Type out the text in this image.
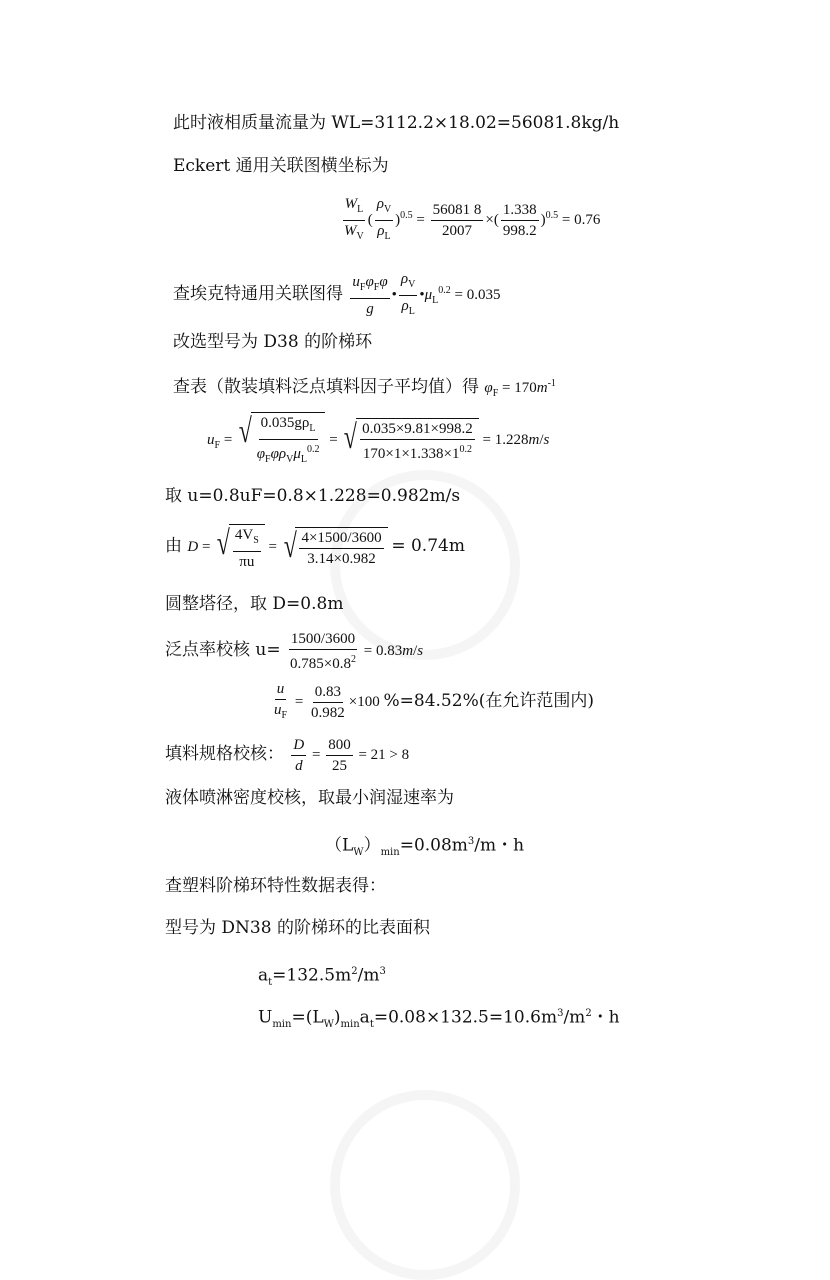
此时液相质量流量为 WL=3112.2×18.02=56081.8kg/h
Eckert 通用关联图横坐标为
$\frac{W_L}{W_V}$ ( $\frac{\rho_V}{\rho_L} )^{0.5} = \frac{56081 8}{2007}$ ×( $\frac{1.338}{998.2} )^{0.5} = 0.76$
查埃克特通用关联图得 $\frac{u_F\varphi_F\varphi}{g}$ • $\frac{\rho_V}{\rho_L}$ $•\mu_L^{0.2} = 0.035$
改选型号为 D38 的阶梯环
查表（散装填料泛点填料因子平均值）得 $\varphi_F = 170m^{-1}$
$u_F$ = √ $\frac{0.035g\rho_L}{\varphi_F\varphi\rho_V\mu_L^{0.2}}$ = √ $\frac{0.035\times 9.81\times 998.2}{170\times 1\times 1.338\times 1^{0.2}} = 1.228m/s$
取 u=0.8uF=0.8×1.228=0.982m/s
由 D = √ $\frac{4V_S}{\pi u}$ = √ $\frac{4\times 1500/3600}{3.14\times 0.982} = 0.74m$
圆整塔径，取 D=0.8m
泛点率校核 $u= \frac{1500/3600}{0.785\times 0.8^2} = 0.83m/s$
$\frac{u}{u_F} = \frac{0.83}{0.982} \times 100$ %=84.52%(在允许范围内)
填料规格校核： $\frac{D}{d} = \frac{800}{25} = 21 > 8$
液体喷淋密度校核，取最小润湿速率为
$(L_W)_{min}=0.08m^3/m$・h
查塑料阶梯环特性数据表得：
型号为 DN38 的阶梯环的比表面积
$a_t=132.5m^2/m^3$
$U_{min}=(L_W)_{min}a_t=0.08\times 132.5=10.6m^3/m^2$・h
